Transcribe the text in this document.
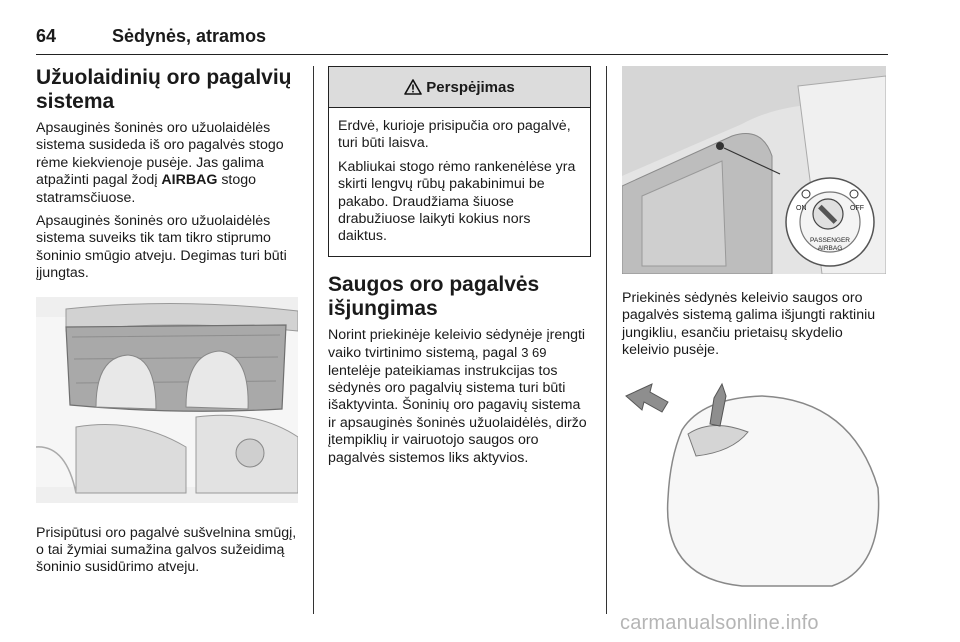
64	Sėdynės, atramos
Užuolaidinių oro pagalvių sistema

Apsauginės šoninės oro užuolaidėlės sistema susideda iš oro pagalvės stogo rėme kiekvienoje pusėje. Jas galima atpažinti pagal žodį AIRBAG stogo statramsčiuose.

Apsauginės šoninės oro užuolaidėlės sistema suveiks tik tam tikro stiprumo šoninio smūgio atveju. Degimas turi būti įjungtas.

Prisipūtusi oro pagalvė sušvelnina smūgį, o tai žymiai sumažina galvos sužeidimą šoninio susidūrimo atveju.

Perspėjimas

Erdvė, kurioje prisipučia oro pagalvė, turi būti laisva.

Kabliukai stogo rėmo rankenėlėse yra skirti lengvų rūbų pakabinimui be pakabo. Draudžiama šiuose drabužiuose laikyti kokius nors daiktus.

Saugos oro pagalvės išjungimas

Norint priekinėje keleivio sėdynėje įrengti vaiko tvirtinimo sistemą, pagal 3 69 lentelėje pateikiamas instrukcijas tos sėdynės oro pagalvių sistema turi būti išaktyvinta. Šoninių oro pagavių sistema ir apsauginės šoninės užuolaidėlės, diržo įtempiklių ir vairuotojo saugos oro pagalvės sistemos liks aktyvios.

ON	OFF
PASSENGER
AIRBAG

Priekinės sėdynės keleivio saugos oro pagalvės sistemą galima išjungti raktiniu jungikliu, esančiu prietaisų skydelio keleivio pusėje.

carmanualsonline.info
